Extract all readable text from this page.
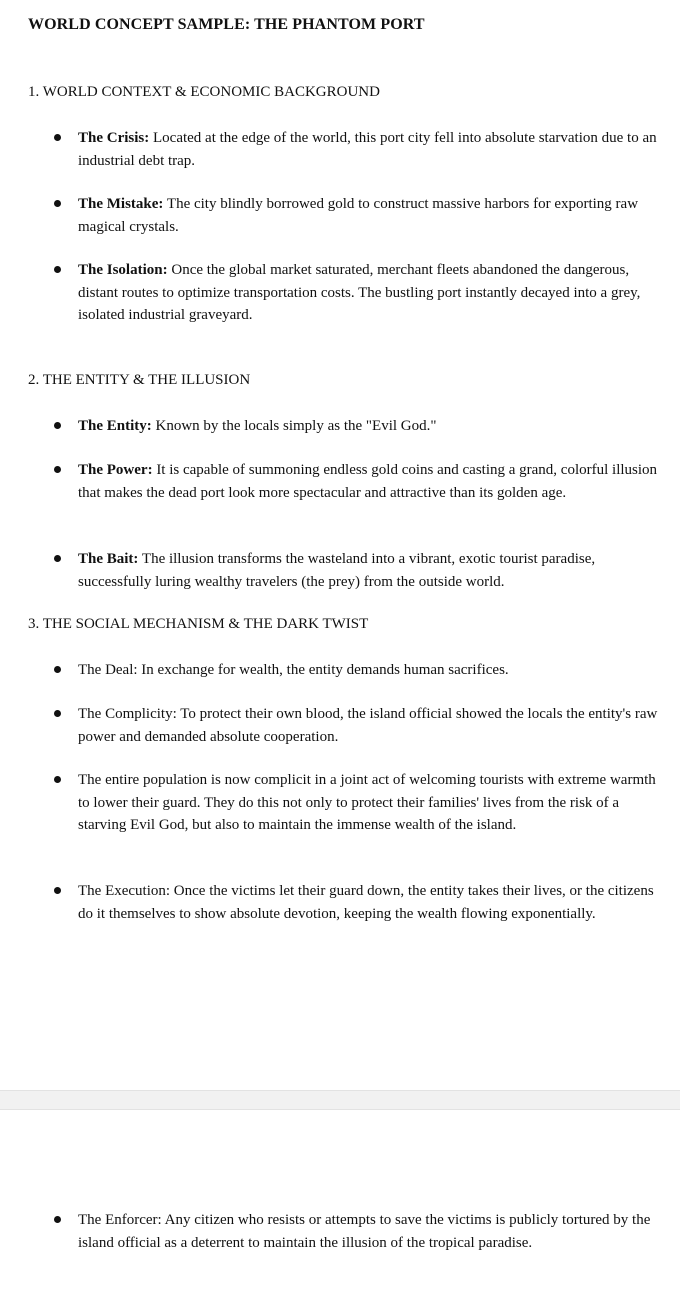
WORLD CONCEPT SAMPLE: THE PHANTOM PORT
1. WORLD CONTEXT & ECONOMIC BACKGROUND
The Crisis: Located at the edge of the world, this port city fell into absolute starvation due to an industrial debt trap.
The Mistake: The city blindly borrowed gold to construct massive harbors for exporting raw magical crystals.
The Isolation: Once the global market saturated, merchant fleets abandoned the dangerous, distant routes to optimize transportation costs. The bustling port instantly decayed into a grey, isolated industrial graveyard.
2. THE ENTITY & THE ILLUSION
The Entity: Known by the locals simply as the "Evil God."
The Power: It is capable of summoning endless gold coins and casting a grand, colorful illusion that makes the dead port look more spectacular and attractive than its golden age.
The Bait: The illusion transforms the wasteland into a vibrant, exotic tourist paradise, successfully luring wealthy travelers (the prey) from the outside world.
3. THE SOCIAL MECHANISM & THE DARK TWIST
The Deal: In exchange for wealth, the entity demands human sacrifices.
The Complicity: To protect their own blood, the island official showed the locals the entity's raw power and demanded absolute cooperation.
The entire population is now complicit in a joint act of welcoming tourists with extreme warmth to lower their guard. They do this not only to protect their families' lives from the risk of a starving Evil God, but also to maintain the immense wealth of the island.
The Execution: Once the victims let their guard down, the entity takes their lives, or the citizens do it themselves to show absolute devotion, keeping the wealth flowing exponentially.
The Enforcer: Any citizen who resists or attempts to save the victims is publicly tortured by the island official as a deterrent to maintain the illusion of the tropical paradise.
